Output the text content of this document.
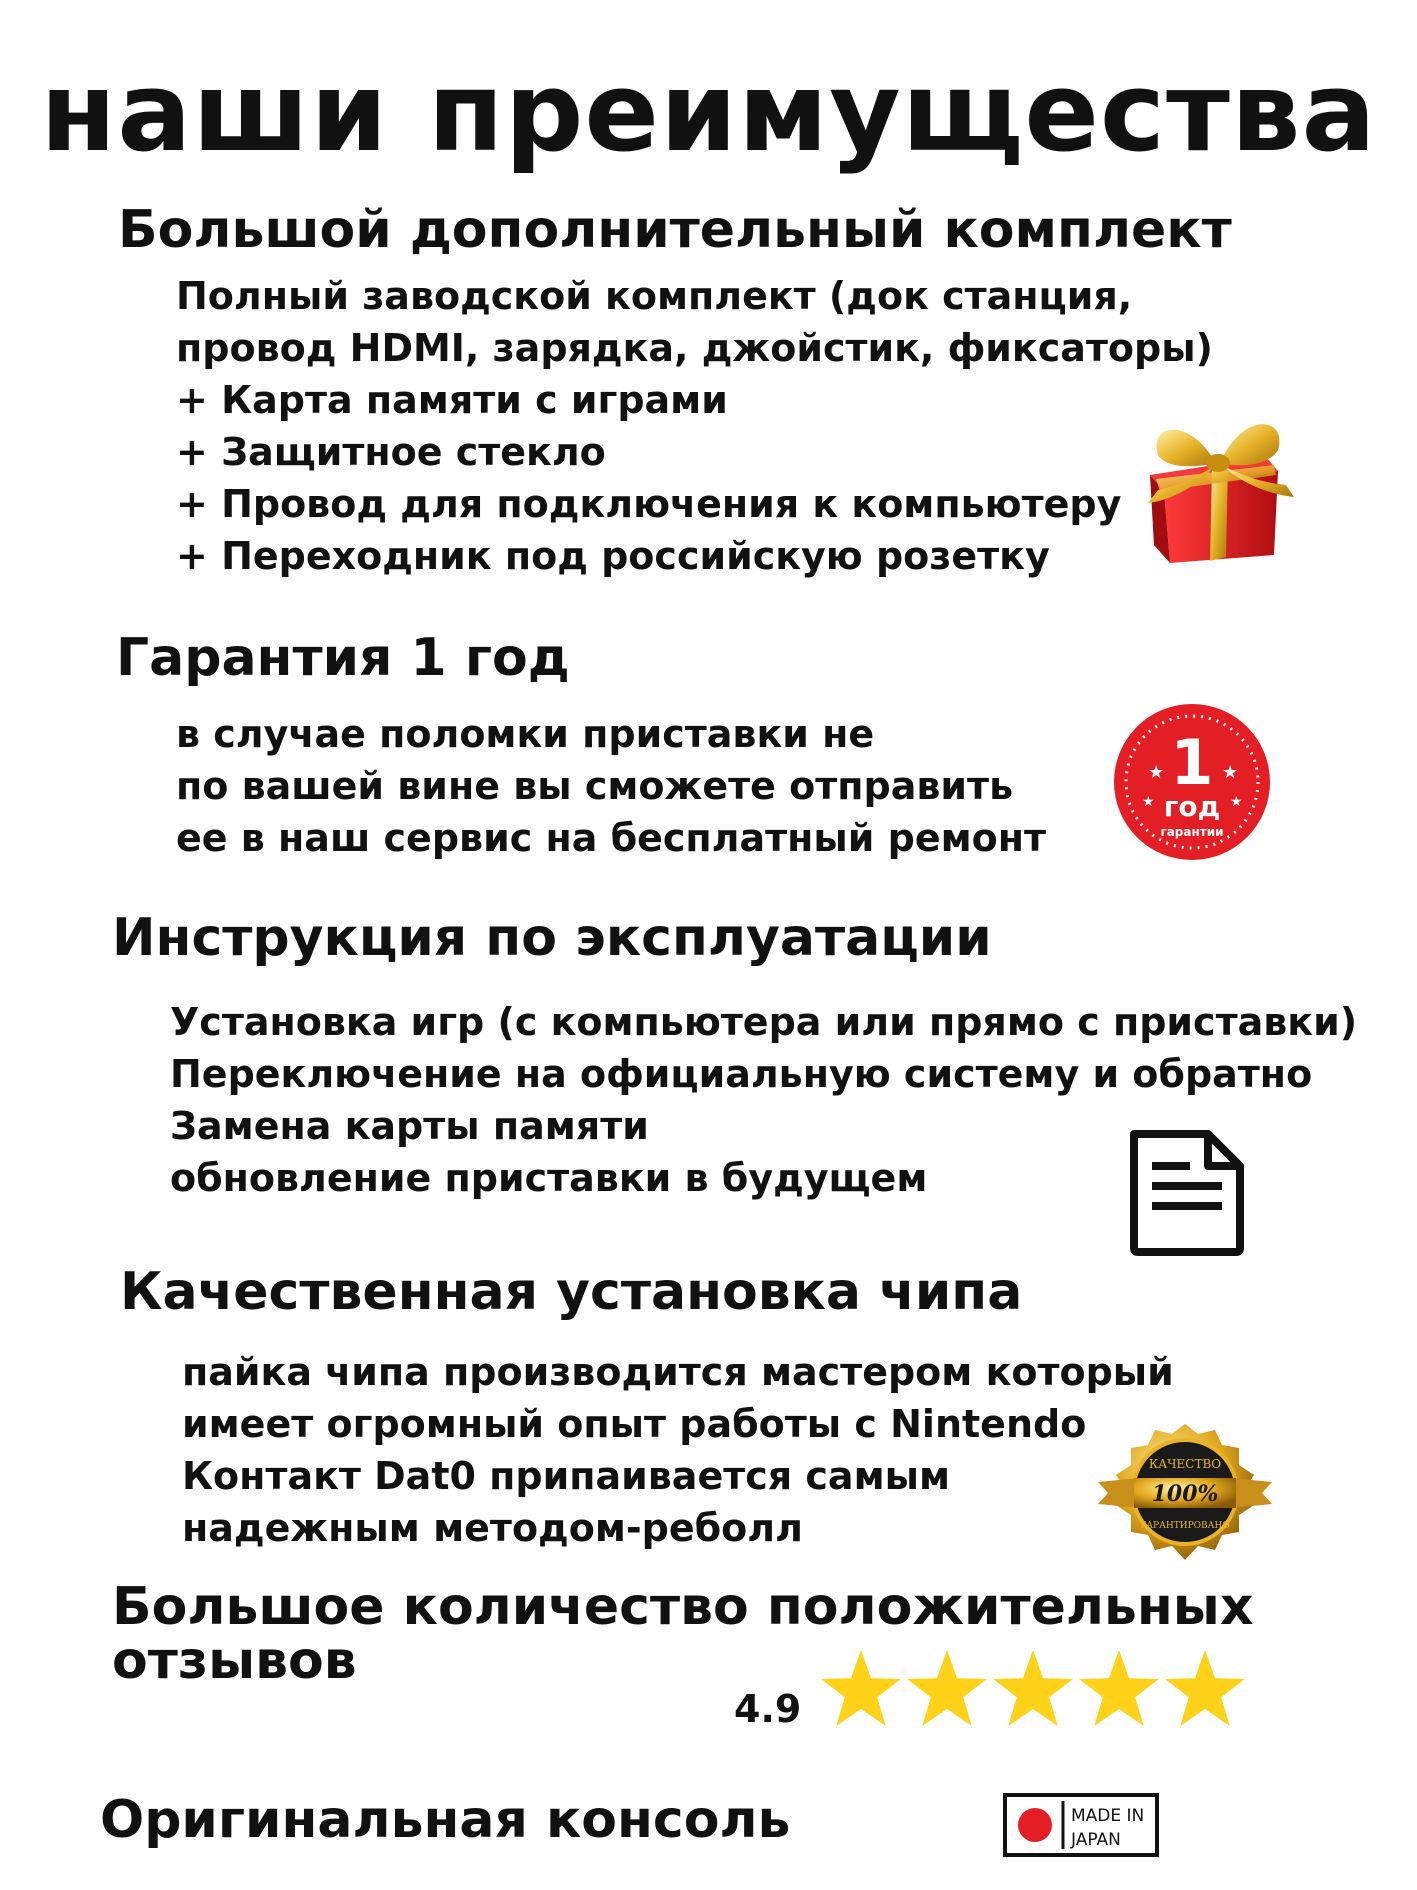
наши преимущества
Большой дополнительный комплект
Полный заводской комплект (док станция,
провод HDMI, зарядка, джойстик, фиксаторы)
+ Карта памяти с играми
+ Защитное стекло
+ Провод для подключения к компьютеру
+ Переходник под российскую розетку
Гарантия 1 год
в случае поломки приставки не
по вашей вине вы сможете отправить
ее в наш сервис на бесплатный ремонт
1
год
гарантии
★	★
★	★
Инструкция по эксплуатации
Установка игр (с компьютера или прямо с приставки)
Переключение на официальную систему и обратно
Замена карты памяти
обновление приставки в будущем
Качественная установка чипа
пайка чипа производится мастером который
имеет огромный опыт работы с Nintendo
Контакт Dat0 припаивается самым
надежным методом-реболл
100%
КАЧЕСТВО
ГАРАНТИРОВАНО
Большое количество положительных
отзывов
4.9
Оригинальная консоль	MADE IN
JAPAN
